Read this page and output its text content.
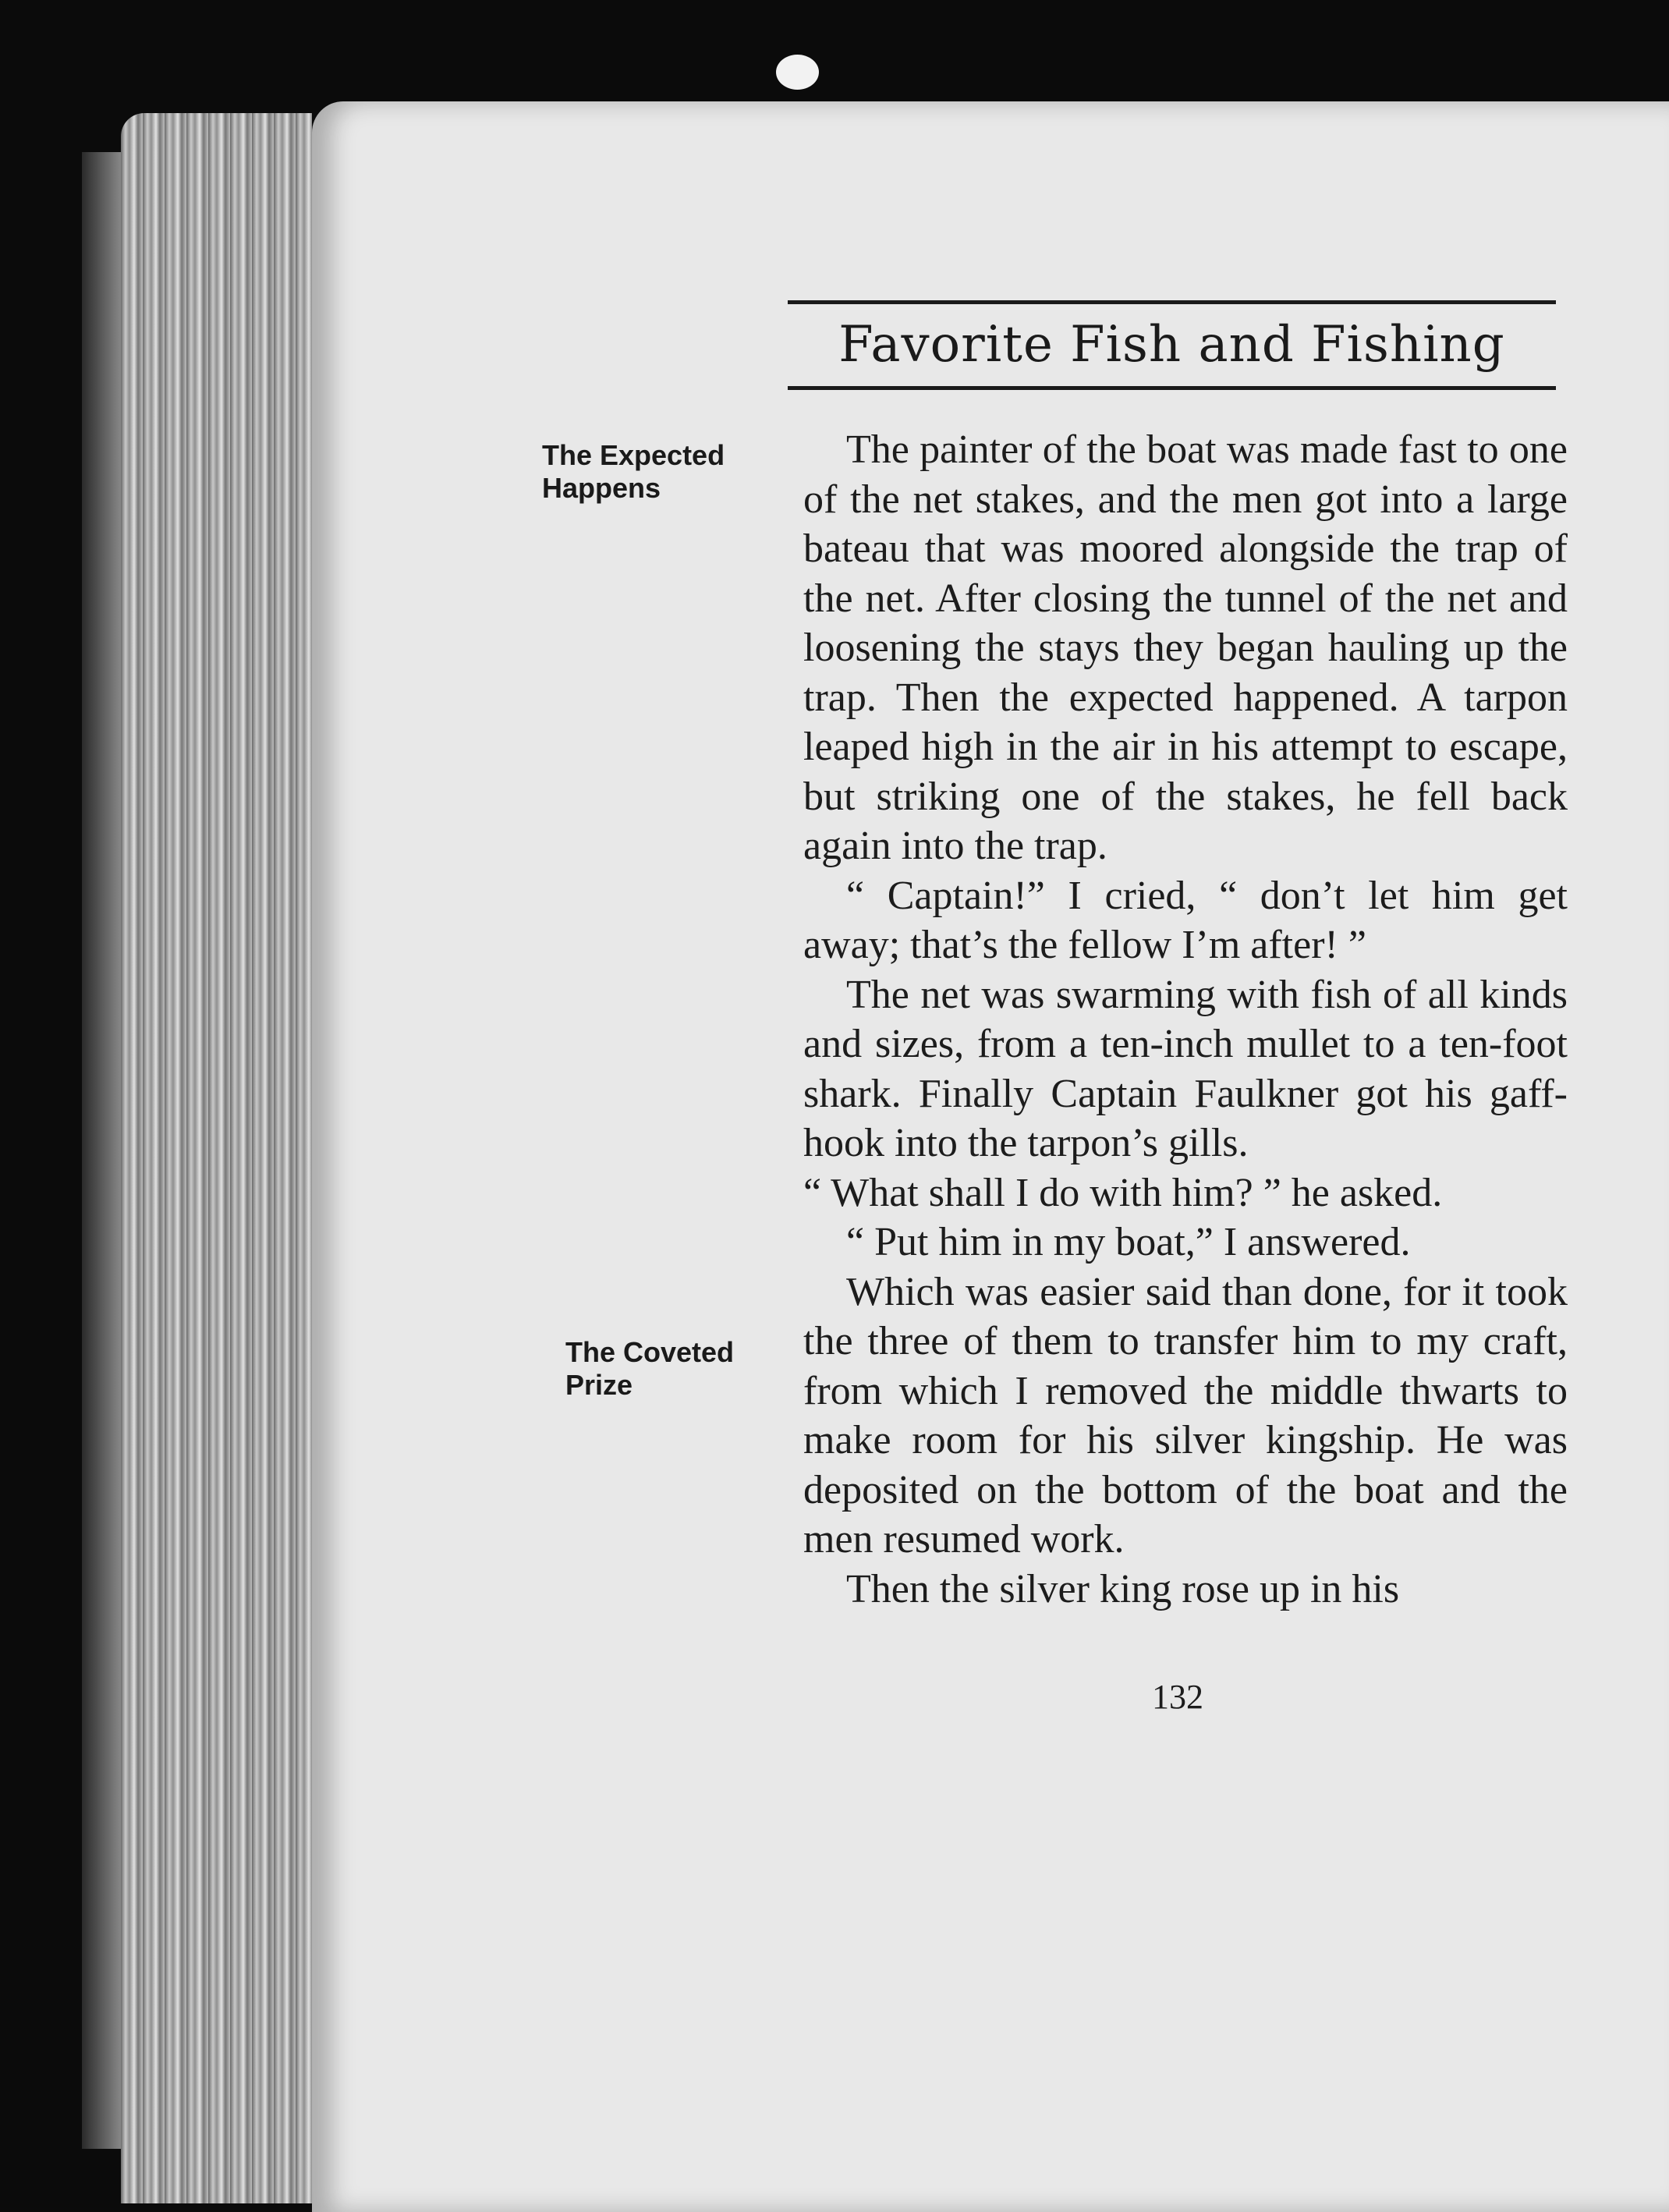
Favorite Fish and Fishing
The Expected
Happens
The Coveted
Prize

The painter of the boat was made fast to one of the net stakes, and the men got into a large bateau that was moored alongside the trap of the net. After closing the tunnel of the net and loosening the stays they began hauling up the trap. Then the expected happened. A tarpon leaped high in the air in his attempt to escape, but striking one of the stakes, he fell back again into the trap.

“ Captain!” I cried, “ don’t let him get away; that’s the fellow I’m after! ”

The net was swarming with fish of all kinds and sizes, from a ten-inch mullet to a ten-foot shark. Finally Captain Faulkner got his gaff-hook into the tarpon’s gills.

“ What shall I do with him? ” he asked.

“ Put him in my boat,” I answered.

Which was easier said than done, for it took the three of them to transfer him to my craft, from which I removed the middle thwarts to make room for his silver kingship. He was deposited on the bottom of the boat and the men resumed work.

Then the silver king rose up in his

132
